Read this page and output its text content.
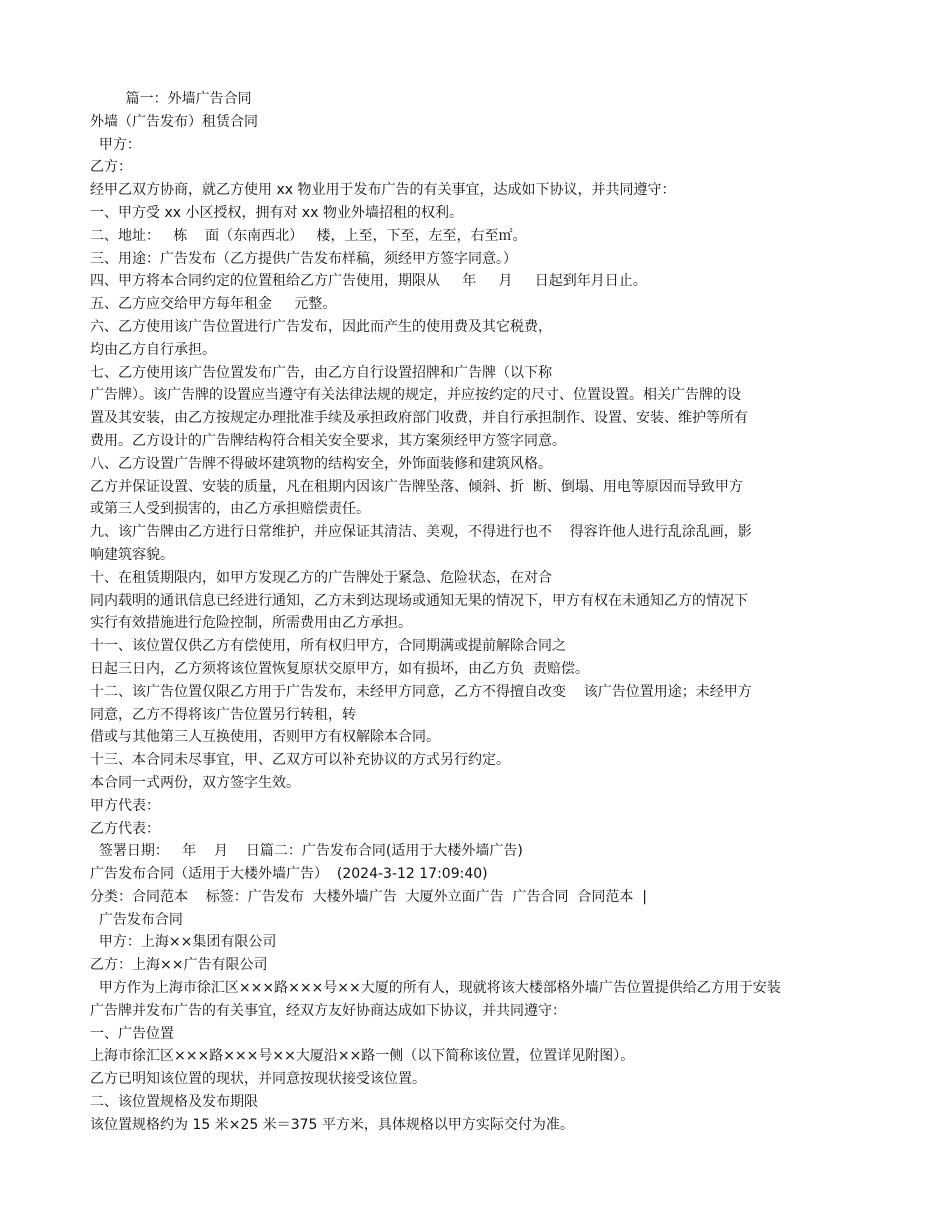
篇一：外墙广告合同

外墙（广告发布）租赁合同

甲方：

乙方：

经甲乙双方协商，就乙方使用 xx 物业用于发布广告的有关事宜，达成如下协议，并共同遵守：

一、甲方受 xx 小区授权，拥有对 xx 物业外墙招租的权利。

二、地址：   栋    面（东南西北）   楼，上至，下至，左至，右至㎡。

三、用途：广告发布（乙方提供广告发布样稿，须经甲方签字同意。）

四、甲方将本合同约定的位置租给乙方广告使用，期限从     年     月     日起到年月日止。

五、乙方应交给甲方每年租金     元整。

六、乙方使用该广告位置进行广告发布，因此而产生的使用费及其它税费，

均由乙方自行承担。

七、乙方使用该广告位置发布广告，由乙方自行设置招牌和广告牌（以下称

广告牌）。该广告牌的设置应当遵守有关法律法规的规定，并应按约定的尺寸、位置设置。相关广告牌的设

置及其安装，由乙方按规定办理批准手续及承担政府部门收费，并自行承担制作、设置、安装、维护等所有

费用。乙方设计的广告牌结构符合相关安全要求，其方案须经甲方签字同意。

八、乙方设置广告牌不得破坏建筑物的结构安全，外饰面装修和建筑风格。

乙方并保证设置、安装的质量，凡在租期内因该广告牌坠落、倾斜、折  断、倒塌、用电等原因而导致甲方

或第三人受到损害的，由乙方承担赔偿责任。

九、该广告牌由乙方进行日常维护，并应保证其清洁、美观，不得进行也不    得容许他人进行乱涂乱画，影

响建筑容貌。

十、在租赁期限内，如甲方发现乙方的广告牌处于紧急、危险状态，在对合

同内载明的通讯信息已经进行通知，乙方未到达现场或通知无果的情况下，甲方有权在未通知乙方的情况下

实行有效措施进行危险控制，所需费用由乙方承担。

十一、该位置仅供乙方有偿使用，所有权归甲方，合同期满或提前解除合同之

日起三日内，乙方须将该位置恢复原状交原甲方，如有损坏，由乙方负  责赔偿。

十二、该广告位置仅限乙方用于广告发布，未经甲方同意，乙方不得擅自改变    该广告位置用途；未经甲方

同意，乙方不得将该广告位置另行转租，转

借或与其他第三人互换使用，否则甲方有权解除本合同。

十三、本合同未尽事宜，甲、乙双方可以补充协议的方式另行约定。

本合同一式两份，双方签字生效。

甲方代表：

乙方代表：

签署日期：   年    月    日篇二：广告发布合同(适用于大楼外墙广告)

广告发布合同（适用于大楼外墙广告）  (2024-3-12 17:09:40)

分类：合同范本    标签：广告发布  大楼外墙广告  大厦外立面广告  广告合同  合同范本  |

广告发布合同

甲方：上海××集团有限公司

乙方：上海××广告有限公司

甲方作为上海市徐汇区×××路×××号××大厦的所有人，现就将该大楼部格外墙广告位置提供给乙方用于安装

广告牌并发布广告的有关事宜，经双方友好协商达成如下协议，并共同遵守：

一、广告位置

上海市徐汇区×××路×××号××大厦沿××路一侧（以下简称该位置，位置详见附图）。

乙方已明知该位置的现状，并同意按现状接受该位置。

二、该位置规格及发布期限

该位置规格约为 15 米×25 米＝375 平方米，具体规格以甲方实际交付为准。
